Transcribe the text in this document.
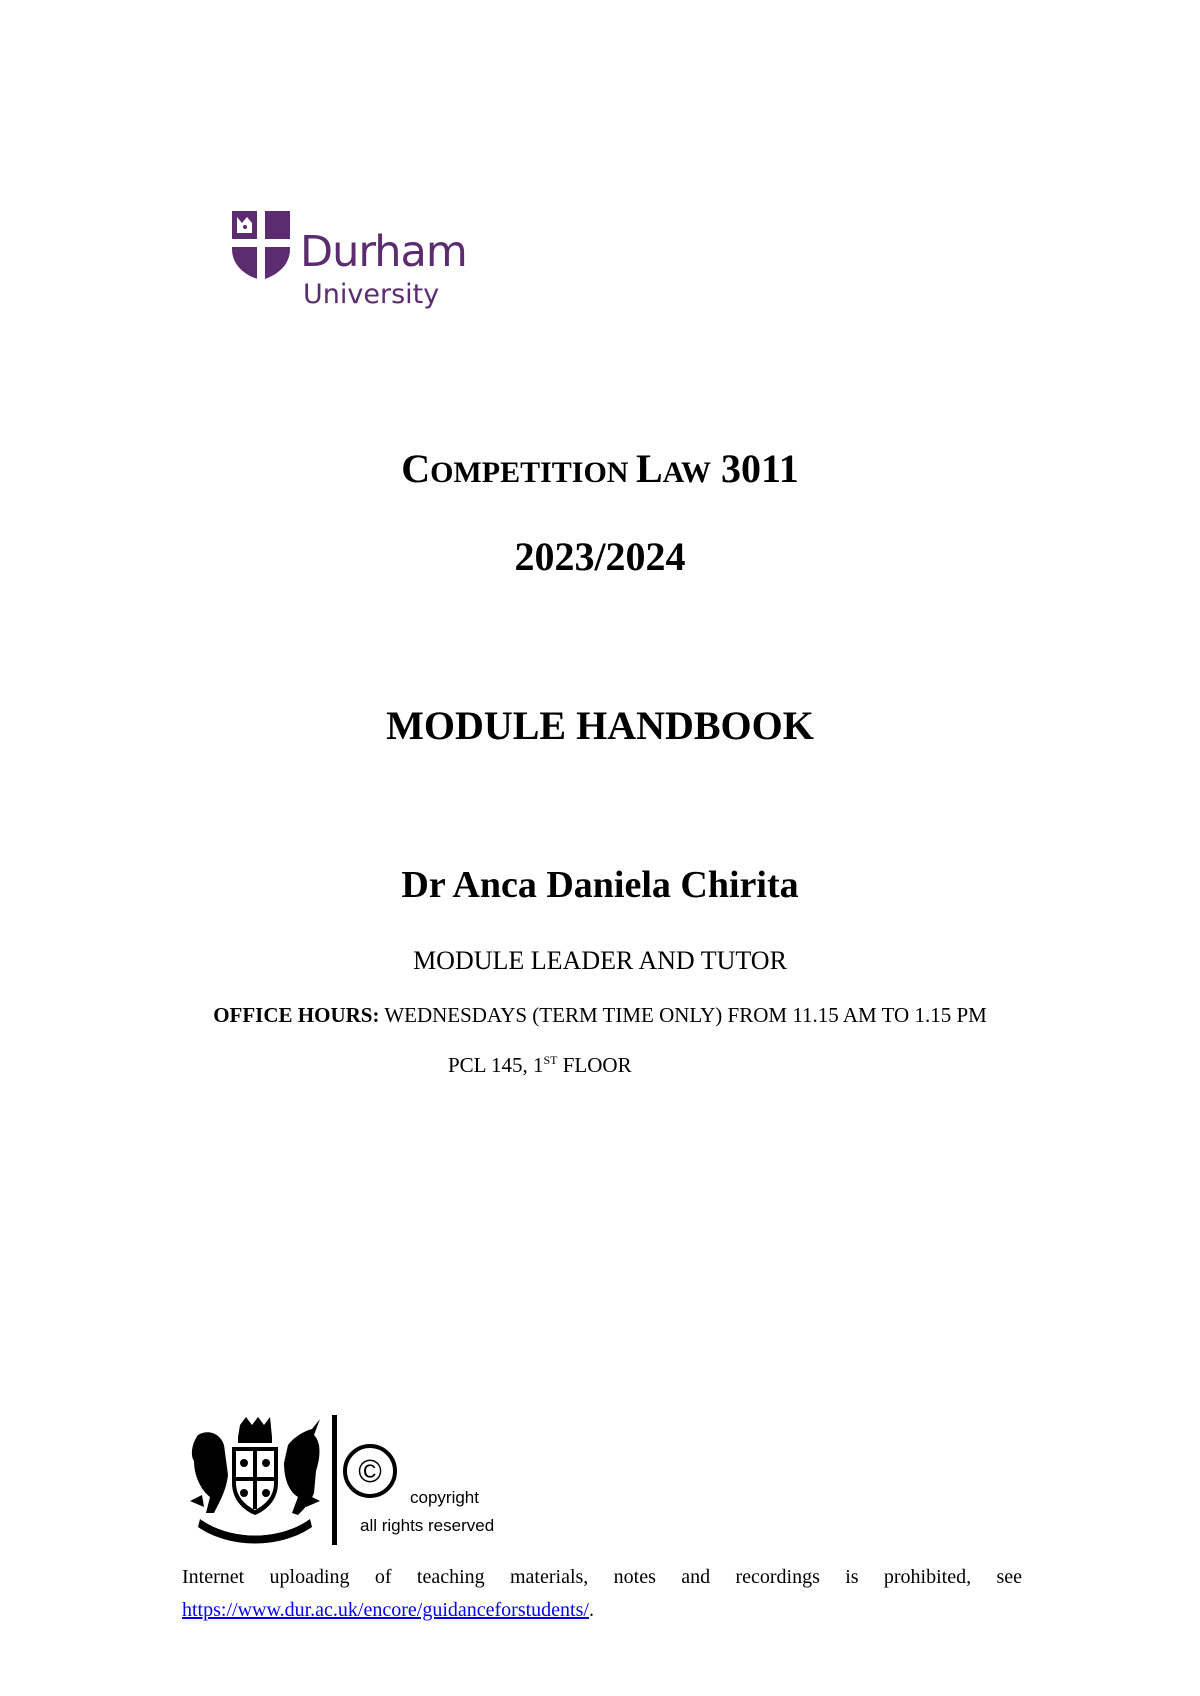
Durham
University
COMPETITION LAW 3011
2023/2024
MODULE HANDBOOK
Dr Anca Daniela Chirita
MODULE LEADER AND TUTOR
OFFICE HOURS: WEDNESDAYS (TERM TIME ONLY) FROM 11.15 AM TO 1.15 PM
PCL 145, 1ST FLOOR
©
copyright
all rights reserved
Internet uploading of teaching materials, notes and recordings is prohibited, see
https://www.dur.ac.uk/encore/guidanceforstudents/.
